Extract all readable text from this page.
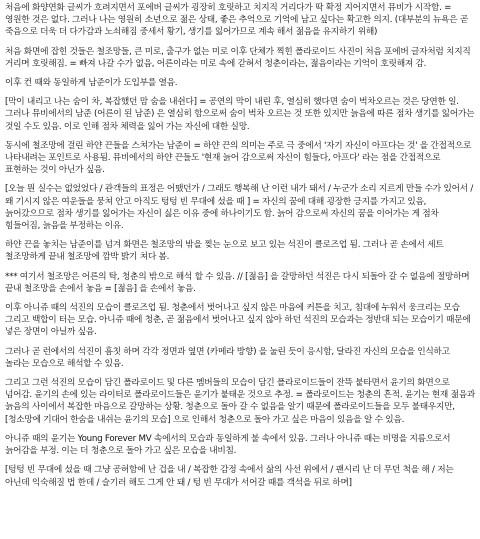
처음에 화양연화 글씨가 흐려지면서 포에버 글씨가 굉장히 호릿하고 치지직 거리다가 딱 확정 지어지면서 뮤비가 시작함. = 영원한 것은 없다. 그러나 나는 영원히 소년으로 젊은 상태, 좋은 추억으로 기억에 남고 싶다는 확고한 의지. (대부분의 뉴욕은 곧 죽음으로 더욱 더 다가감과 노쇠해짐 중세서 황기, 생기를 잃어가므로 계속 해서 젊음을 유지하기 위해)

처음 화면에 잡힌 것들은 철조망들, 큰 미로, 출구가 없는 미로 이후 단체가 찍힌 폴라로이드 사진이 처음 포에버 글자처럼 치지직 거리며 호릿해짐. = 빠져 나갈 수가 없음, 어른이라는 미로 속에 갇혀서 청춘이라는, 젊음이라는 기억이 호릿해져 감.

이후 컨 때와 동일하게 남준이가 도입부를 열음.

[막이 내리고 나는 숨이 차, 복잡했던 맘 숨을 내쉰다] = 공연의 막이 내린 후, 열심히 했다면 숨이 벅차오르는 것은 당연한 일. 그러나 뮤비에서의 남준 (어른이 된 남준) 은 열심히 함으로써 숨이 벅차 오르는 것 또한 있지만 늙음에 따른 점차 생기를 잃어가는 것일 수도 있음. 이로 인해 점차 체력을 잃어 가는 자신에 대한 실망.

동시에 철조망에 걸린 하얀 끈들을 스쳐가는 남준이 = 하얀 끈의 의미는 주로 극 중에서 '자기 자신이 아프다는 것' 을 간접적으로 나타내려는 포인트로 사용됨. 뮤비에서의 하얀 끈들도 '현재 늙어 감으로써 자신이 힘들다, 아프다' 라는 점을 간접적으로 표현하는 것이 아닌가 싶음.

[오늘 뭔 실수는 없었었다 / 관객들의 표정은 어땠던가 / 그래도 행복해 난 이런 내가 돼서 / 누군가 소리 지르게 만들 수가 있어서 / 왜 기시지 않은 여운들을 뭉쳐 안고 아직도 텅텅 빈 무대에 섰을 때 ] = 자신의 꿈에 대해 굉장한 긍지를 가지고 있음, 늙어갔으므로 점차 생기를 잃어가는 자신이 싫은 이유 중에 하나이기도 함. 늙어 감으로써 자신의 꿈을 이어가는 게 점차 힘들어짐, 늙음을 부정하는 이유.

하얀 끈을 놓치는 남준이를 넘겨 화면은 철조망의 밖을 찢는 눈으로 보고 있는 석진이 클로즈업 됨. 그러나 곧 손에서 세트 철조망하게 끝내 철조망에 깜박 밝기 쳐다 봄.

*** 여기서 철조망은 어른의 탁, 청춘의 밖으로 해석 할 수 있음. // [젊음] 을 갈망하던 석진은 다시 되돌아 갈 수 없음에 절망하며 끝내 철조망을 손에서 놓음 = [젊음] 을 손에서 놓음.

이후 아니쥬 때의 석진의 모습이 클로즈업 됨. 청춘에서 벗어나고 싶지 않은 마음에 커튼을 치고, 침대에 누워서 웅크리는 모습 그리고 백합이 터는 모습. 아니쥬 때에 청춘, 곧 젊음에서 벗어나고 싶지 않아 하던 석진의 모습과는 정반대 되는 모습이기 때문에 넣은 장면이 아닐까 싶음.

그러나 곧 런에서의 석진이 흠칫 하며 각각 정면과 옆면 (카메라 방향) 을 눌린 듯이 응시함, 달라진 자신의 모습을 인식하고 놀라는 모습으로 해석할 수 있음.

그리고 그런 석진의 모습이 담긴 폴라로이드 및 다른 멤버들의 모습이 담긴 폴라로이드들이 잔뜩 붙타면서 윤기의 화면으로 넘어감. 윤기의 손에 있는 라이터로 폴라로이드들은 윤기가 붙태운 것으로 추정. = 폴라로이드는 청춘의 흔적. 윤기는 현재 젊음과 늙음의 사이에서 복잡한 마음으로 갈망하는 상황. 청춘으로 돌아 갈 수 없음을 알기 때문에 폴라로이드들을 모두 불태우지만, [청소망에 기대어 한숨을 내쉬는 윤기의 모습] 으로 인해서 청춘으로 돌아 가고 싶은 마음이 있음을 알 수 있음.

아니쥬 때의 윤기는 Young Forever MV 속에서의 모습과 동일하게 불 속에서 있음. 그러나 아니쥬 때는 비명을 지름으로서 늙어감을 부정. 이는 더 청춘으로 돌아 가고 싶은 모습을 내비침.

[텅텅 빈 무대에 섰을 때 그냥 공허함에 난 겁을 내 / 복잡한 감정 속에서 삶의 사선 위에서 / 괜시리 난 더 무던 척을 해 / 저는 아닌데 익숙해질 법 한데 / 슬기러 해도 그게 안 돼 / 텅 빈 무대가 서어갈 때를 객석을 뒤로 하며]
